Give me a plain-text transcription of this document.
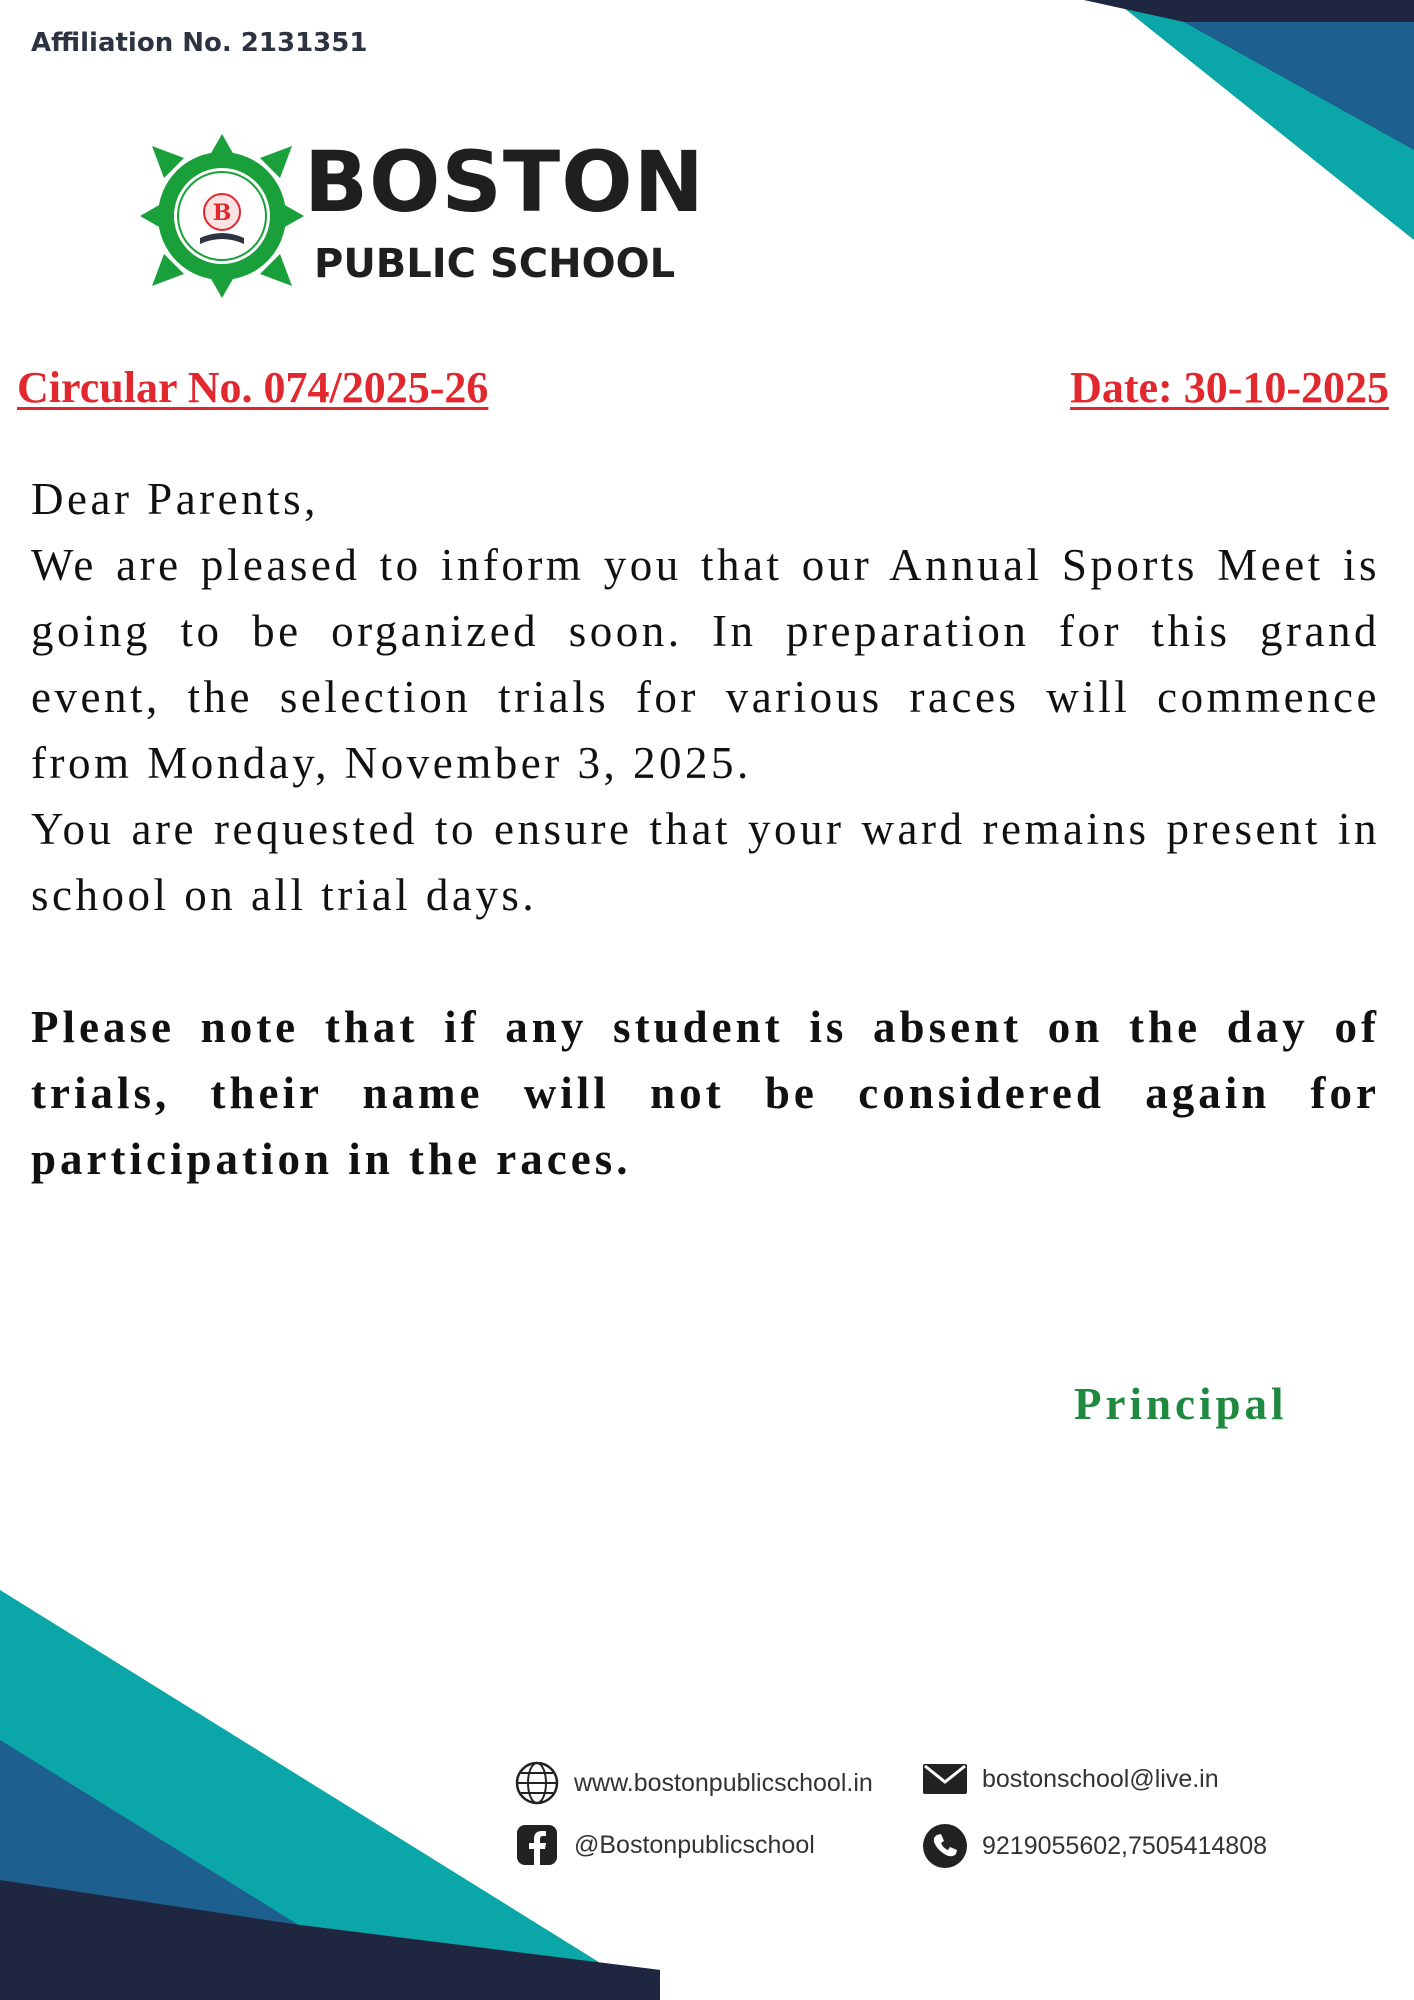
Affiliation No. 2131351
B BOSTON
PUBLIC SCHOOL
Circular No. 074/2025-26	Date: 30-10-2025

Dear Parents,

We are pleased to inform you that our Annual Sports Meet is going to be organized soon. In preparation for this grand event, the selection trials for various races will commence from Monday, November 3, 2025.

You are requested to ensure that your ward remains present in school on all trial days.

Please note that if any student is absent on the day of trials, their name will not be considered again for participation in the races.

Principal
www.bostonpublicschool.in
@Bostonpublicschool
bostonschool@live.in
9219055602,7505414808
